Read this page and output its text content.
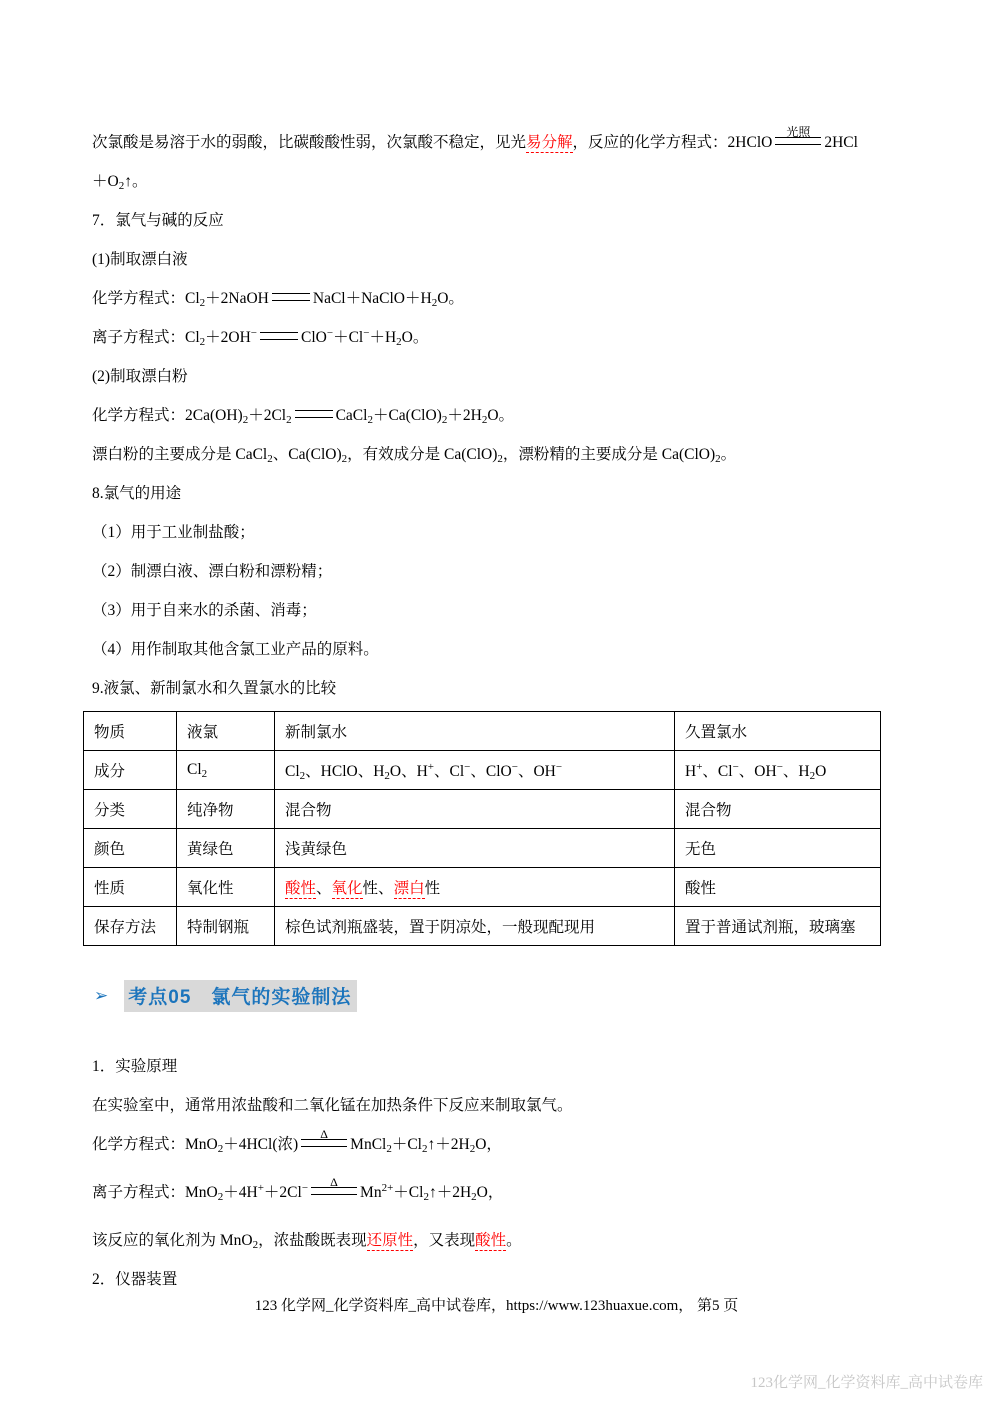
次氯酸是易溶于水的弱酸，比碳酸酸性弱，次氯酸不稳定，见光易分解，反应的化学方程式：2HClO
光照
2HCl
$+O_2↑$。
7．氯气与碱的反应
(1)制取漂白液
化学方程式：$Cl_2+2NaOH$	$NaCl+NaClO+H_2O$。
离子方程式：$Cl_2+2OH^-$	$ClO^-+Cl^-+H_2O$。
(2)制取漂白粉
化学方程式：$2Ca(OH)_2+2Cl_2$	$CaCl_2+Ca(ClO)_2+2H_2O$。
漂白粉的主要成分是 CaCl$_2$、$Ca(ClO)_2$，有效成分是 $Ca(ClO)_2$，漂粉精的主要成分是 $Ca(ClO)_2$。
8.氯气的用途
（1）用于工业制盐酸；
（2）制漂白液、漂白粉和漂粉精；
（3）用于自来水的杀菌、消毒；
（4）用作制取其他含氯工业产品的原料。
9.液氯、新制氯水和久置氯水的比较
物质	液氯	新制氯水	久置氯水
成分	$Cl_2$	$Cl_2$、HClO、$H_2O$、H+、Cl−、ClO−、OH−	H+、Cl−、OH−、$H_2O$
分类	纯净物	混合物	混合物
颜色	黄绿色	浅黄绿色	无色
性质	氧化性	酸性、氧化性、漂白性	酸性
保存方法	特制钢瓶	棕色试剂瓶盛装，置于阴凉处，一般现配现用	置于普通试剂瓶，玻璃塞
➢ 考点05　氯气的实验制法
1．实验原理
在实验室中，通常用浓盐酸和二氧化锰在加热条件下反应来制取氯气。
化学方程式：MnO$_2$＋4HCl(浓)
Δ
$MnCl_2+Cl_2↑+2H_2O$，
离子方程式：MnO$_2$＋4H+＋2Cl−	Δ
$Mn^{2+}+Cl_2↑+2H_2O$，
该反应的氧化剂为 MnO$_2$，浓盐酸既表现还原性，又表现酸性。
2．仪器装置
123 化学网_化学资料库_高中试卷库，https://www.123huaxue.com， 第5 页
123化学网_化学资料库_高中试卷库
